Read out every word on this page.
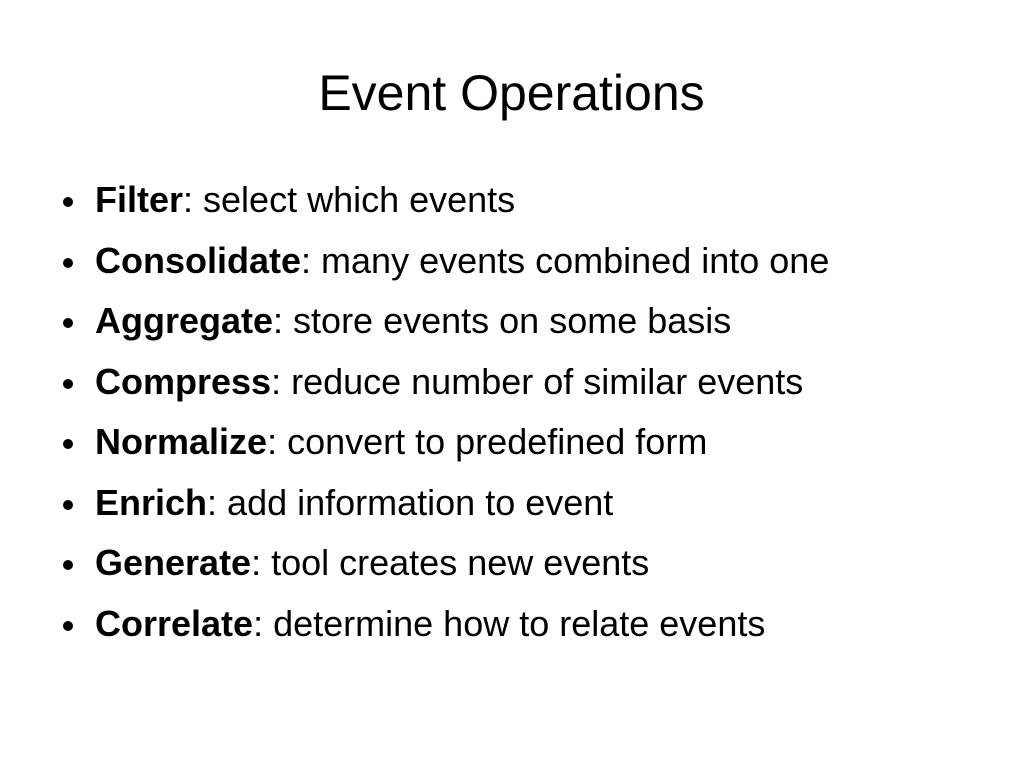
Event Operations
Filter: select which events
Consolidate: many events combined into one
Aggregate: store events on some basis
Compress: reduce number of similar events
Normalize: convert to predefined form
Enrich: add information to event
Generate: tool creates new events
Correlate: determine how to relate events
